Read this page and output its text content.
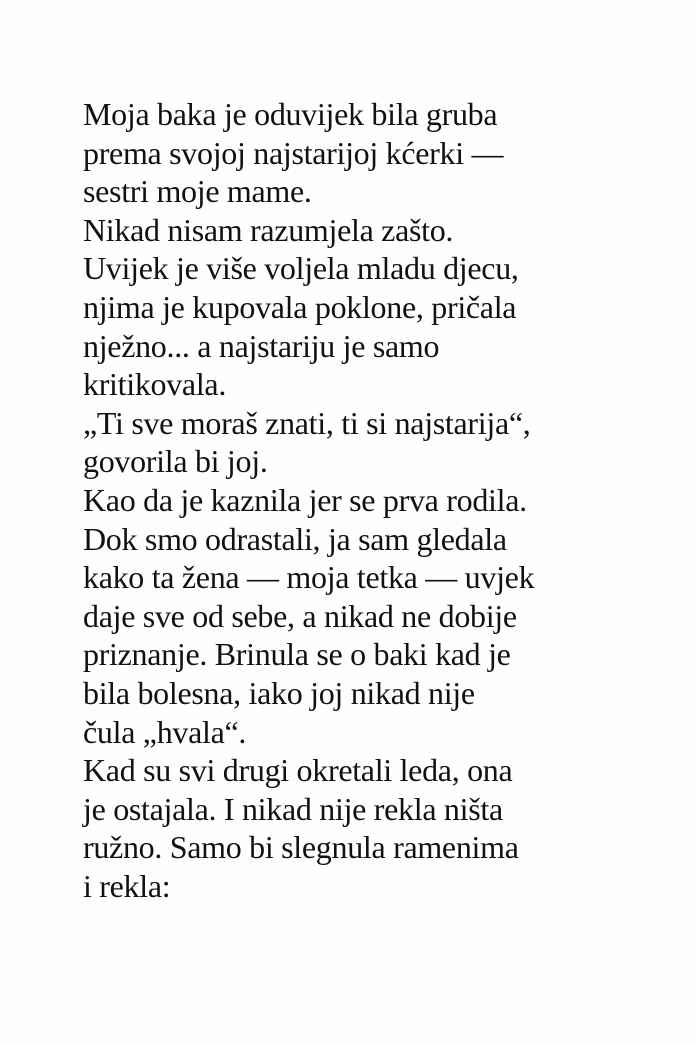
Moja baka je oduvijek bila gruba
prema svojoj najstarijoj kćerki —
sestri moje mame.
Nikad nisam razumjela zašto.
Uvijek je više voljela mladu djecu,
njima je kupovala poklone, pričala
nježno... a najstariju je samo
kritikovala.
„Ti sve moraš znati, ti si najstarija“,
govorila bi joj.
Kao da je kaznila jer se prva rodila.
Dok smo odrastali, ja sam gledala
kako ta žena — moja tetka — uvjek
daje sve od sebe, a nikad ne dobije
priznanje. Brinula se o baki kad je
bila bolesna, iako joj nikad nije
čula „hvala“.
Kad su svi drugi okretali leda, ona
je ostajala. I nikad nije rekla ništa
ružno. Samo bi slegnula ramenima
i rekla:
